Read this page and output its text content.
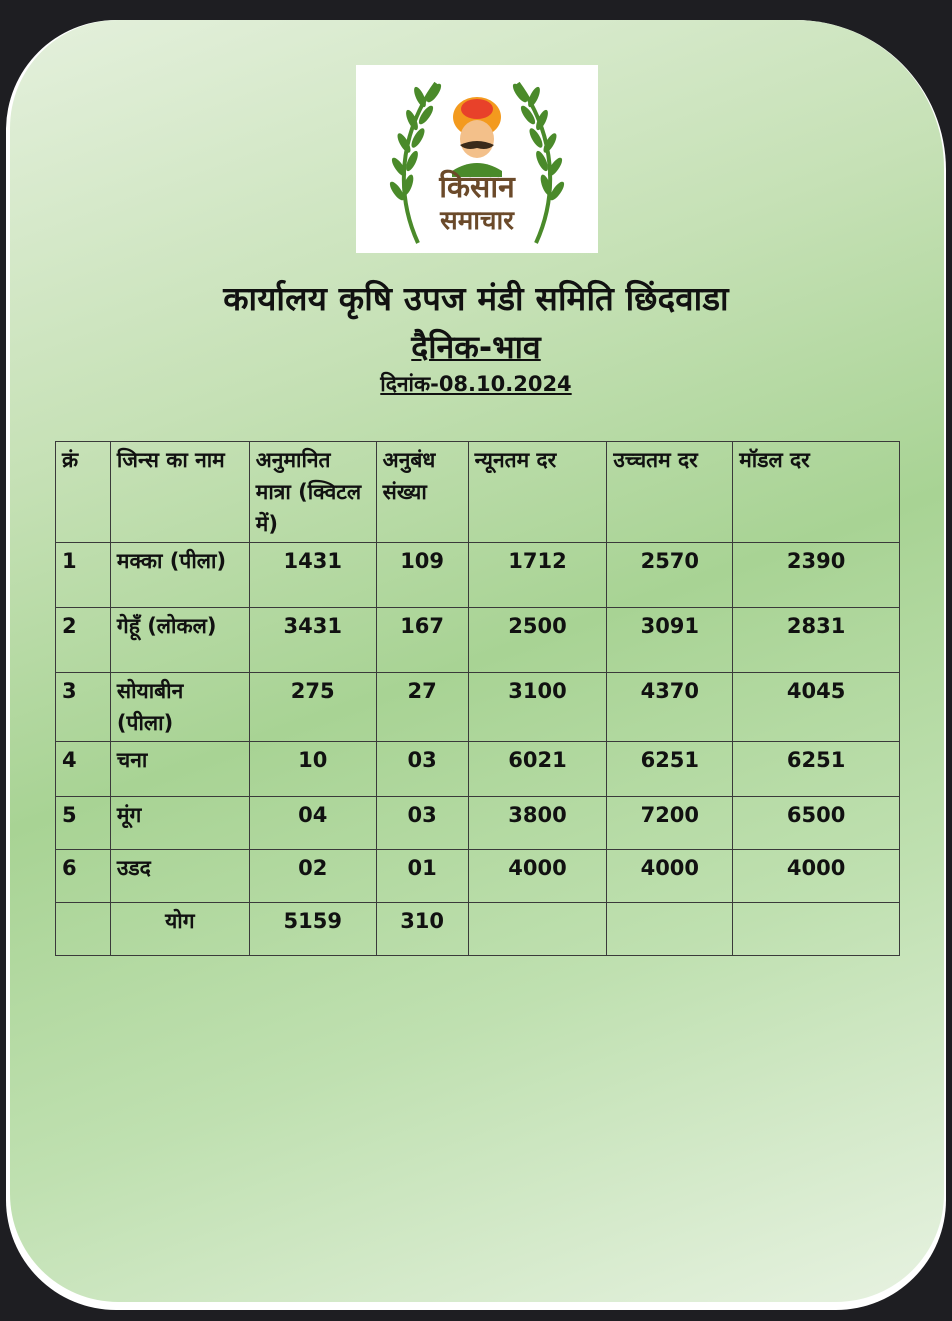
किसान
समाचार
कार्यालय कृषि उपज मंडी समिति छिंदवाडा
दैनिक-भाव
दिनांक-08.10.2024
क्रं	जिन्स का नाम	अनुमानित मात्रा (क्विटल में)	अनुबंध संख्या	न्यूनतम दर	उच्चतम दर	मॉडल दर
1	मक्का (पीला)	1431	109	1712	2570	2390
2	गेहूँ (लोकल)	3431	167	2500	3091	2831
3	सोयाबीन (पीला)	275	27	3100	4370	4045
4	चना	10	03	6021	6251	6251
5	मूंग	04	03	3800	7200	6500
6	उडद	02	01	4000	4000	4000
	योग	5159	310			
